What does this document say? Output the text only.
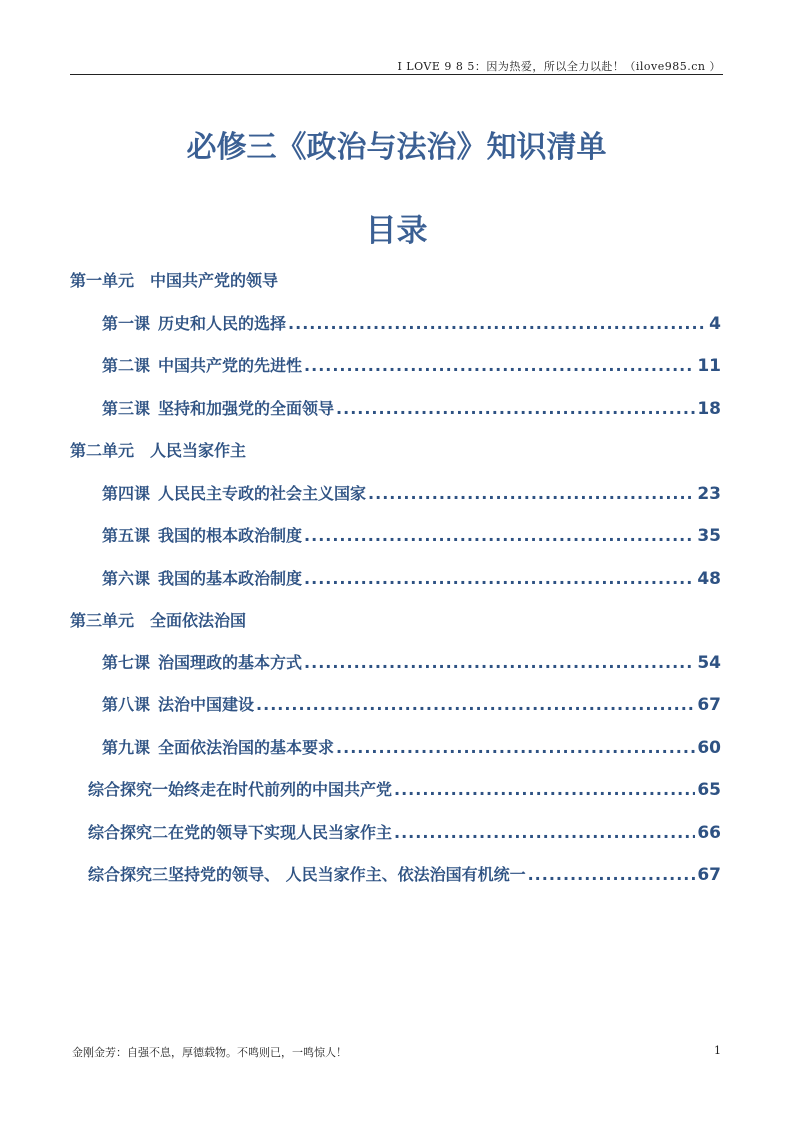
I LOVE 9 8 5：因为热爱，所以全力以赴！（ilove985.cn ）
必修三《政治与法治》知识清单
目录
第一单元 中国共产党的领导
第一课 历史和人民的选择 .....	4
第二课 中国共产党的先进性 .....	11
第三课 坚持和加强党的全面领导 .....	18
第二单元 人民当家作主
第四课 人民民主专政的社会主义国家 .....	23
第五课 我国的根本政治制度 .....	35
第六课 我国的基本政治制度 .....	48
第三单元 全面依法治国
第七课 治国理政的基本方式 .....	54
第八课 法治中国建设 .....	67
第九课 全面依法治国的基本要求 .....	60
综合探究一始终走在时代前列的中国共产党 .....	65
综合探究二在党的领导下实现人民当家作主 .....	66
综合探究三坚持党的领导、 人民当家作主、依法治国有机统一 .....	67
金刚金芳：自强不息，厚德载物。不鸣则已，一鸣惊人！	1
